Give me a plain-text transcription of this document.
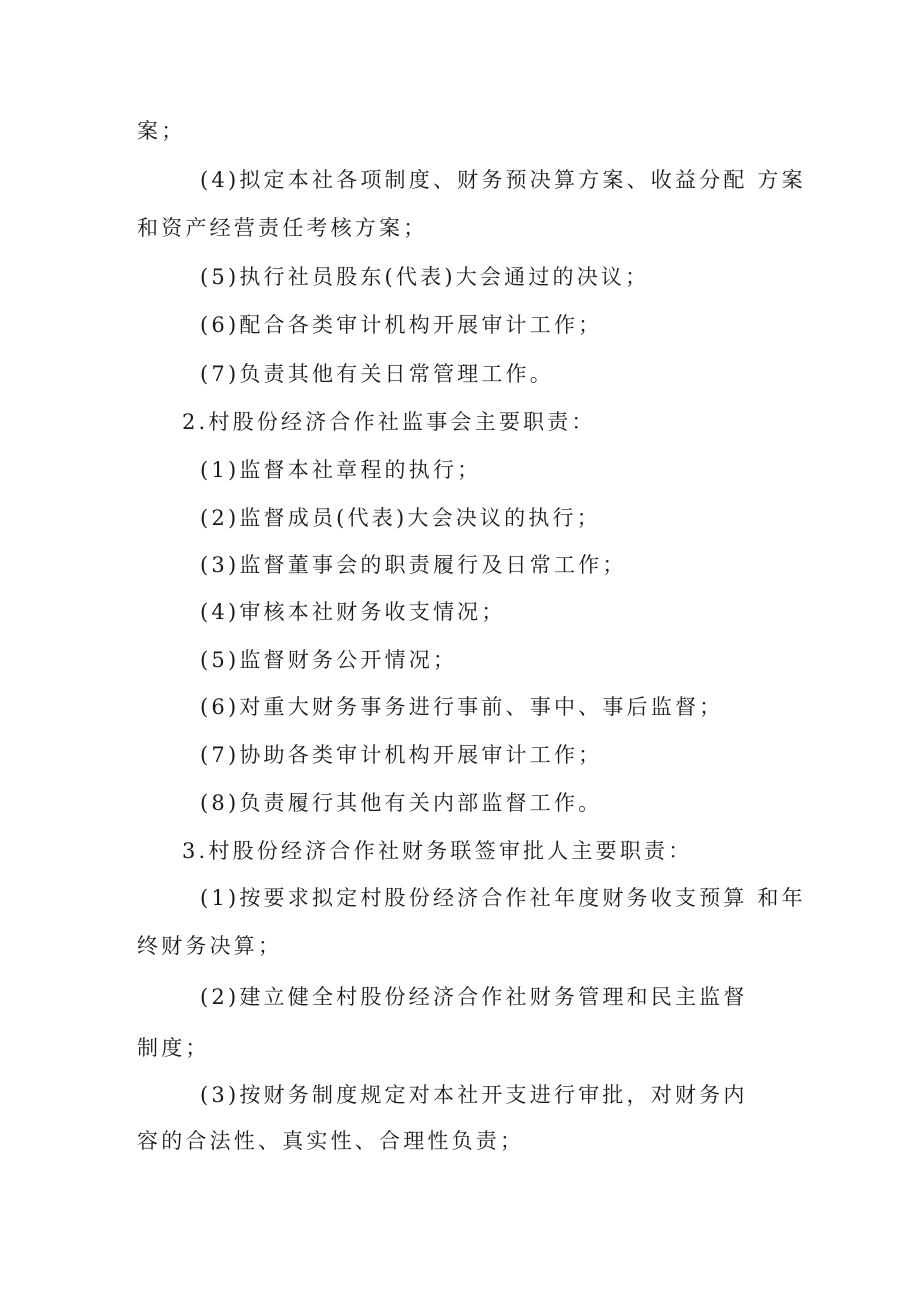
案；
(4)拟定本社各项制度、财务预决算方案、收益分配 方案
和资产经营责任考核方案；
(5)执行社员股东(代表)大会通过的决议；
(6)配合各类审计机构开展审计工作；
(7)负责其他有关日常管理工作。
2.村股份经济合作社监事会主要职责：
(1)监督本社章程的执行；
(2)监督成员(代表)大会决议的执行；
(3)监督董事会的职责履行及日常工作；
(4)审核本社财务收支情况；
(5)监督财务公开情况；
(6)对重大财务事务进行事前、事中、事后监督；
(7)协助各类审计机构开展审计工作；
(8)负责履行其他有关内部监督工作。
3.村股份经济合作社财务联签审批人主要职责：
(1)按要求拟定村股份经济合作社年度财务收支预算 和年
终财务决算；
(2)建立健全村股份经济合作社财务管理和民主监督
制度；
(3)按财务制度规定对本社开支进行审批，对财务内
容的合法性、真实性、合理性负责；
